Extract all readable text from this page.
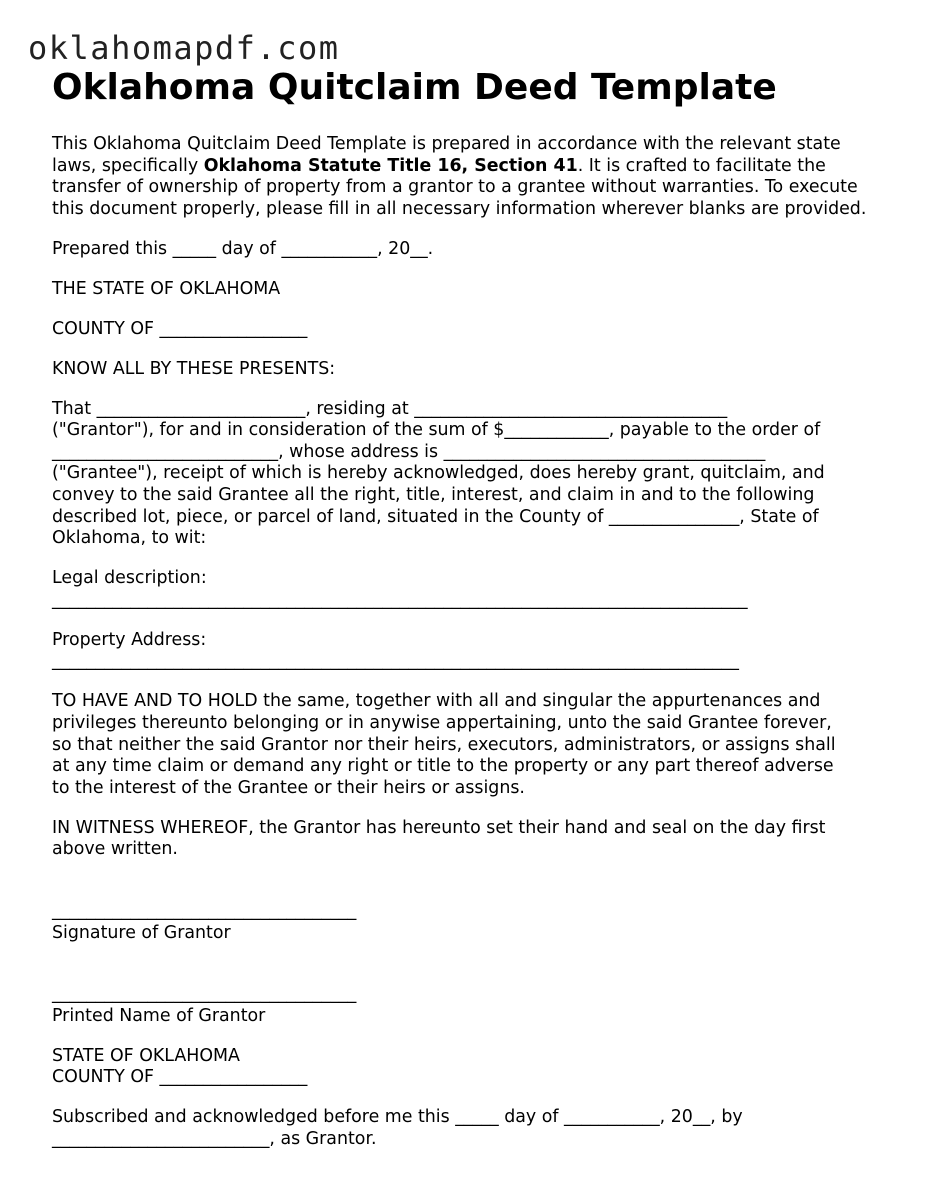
oklahomapdf.com
Oklahoma Quitclaim Deed Template

This Oklahoma Quitclaim Deed Template is prepared in accordance with the relevant state laws, specifically Oklahoma Statute Title 16, Section 41. It is crafted to facilitate the transfer of ownership of property from a grantor to a grantee without warranties. To execute this document properly, please fill in all necessary information wherever blanks are provided.

Prepared this _____ day of ___________, 20__.

THE STATE OF OKLAHOMA

COUNTY OF _________________

KNOW ALL BY THESE PRESENTS:

That ________________________, residing at ____________________________________

("Grantor"), for and in consideration of the sum of $____________, payable to the order of

__________________________, whose address is _____________________________________

("Grantee"), receipt of which is hereby acknowledged, does hereby grant, quitclaim, and

convey to the said Grantee all the right, title, interest, and claim in and to the following

described lot, piece, or parcel of land, situated in the County of _______________, State of

Oklahoma, to wit:

Legal description:

________________________________________________________________________________

Property Address:

_______________________________________________________________________________

TO HAVE AND TO HOLD the same, together with all and singular the appurtenances and

privileges thereunto belonging or in anywise appertaining, unto the said Grantee forever,

so that neither the said Grantor nor their heirs, executors, administrators, or assigns shall

at any time claim or demand any right or title to the property or any part thereof adverse

to the interest of the Grantee or their heirs or assigns.

IN WITNESS WHEREOF, the Grantor has hereunto set their hand and seal on the day first

above written.

___________________________________

Signature of Grantor

___________________________________

Printed Name of Grantor

STATE OF OKLAHOMA

COUNTY OF _________________

Subscribed and acknowledged before me this _____ day of ___________, 20__, by

_________________________, as Grantor.
